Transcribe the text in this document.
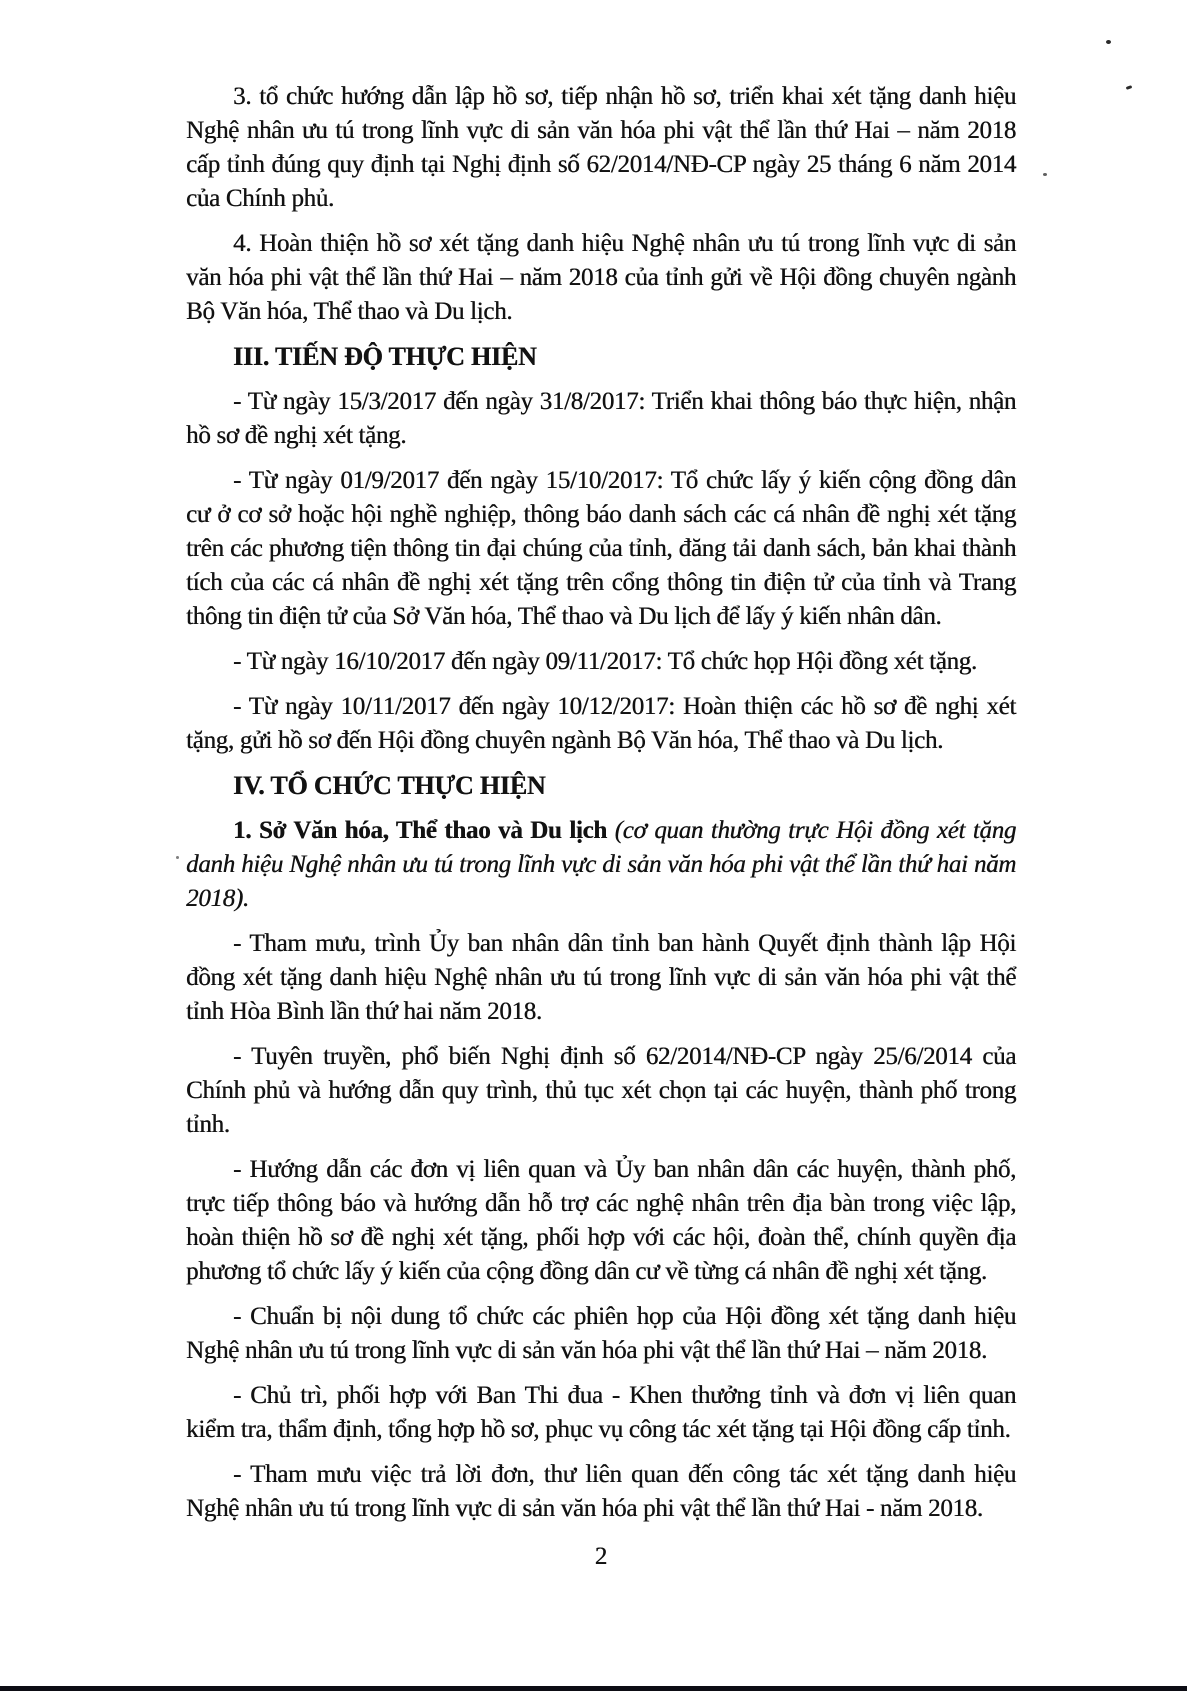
3. tổ chức hướng dẫn lập hồ sơ, tiếp nhận hồ sơ, triển khai xét tặng danh hiệu Nghệ nhân ưu tú trong lĩnh vực di sản văn hóa phi vật thể lần thứ Hai – năm 2018 cấp tỉnh đúng quy định tại Nghị định số 62/2014/NĐ-CP ngày 25 tháng 6 năm 2014 của Chính phủ.

4. Hoàn thiện hồ sơ xét tặng danh hiệu Nghệ nhân ưu tú trong lĩnh vực di sản văn hóa phi vật thể lần thứ Hai – năm 2018 của tỉnh gửi về Hội đồng chuyên ngành Bộ Văn hóa, Thể thao và Du lịch.

III. TIẾN ĐỘ THỰC HIỆN

- Từ ngày 15/3/2017 đến ngày 31/8/2017: Triển khai thông báo thực hiện, nhận hồ sơ đề nghị xét tặng.

- Từ ngày 01/9/2017 đến ngày 15/10/2017: Tổ chức lấy ý kiến cộng đồng dân cư ở cơ sở hoặc hội nghề nghiệp, thông báo danh sách các cá nhân đề nghị xét tặng trên các phương tiện thông tin đại chúng của tỉnh, đăng tải danh sách, bản khai thành tích của các cá nhân đề nghị xét tặng trên cổng thông tin điện tử của tỉnh và Trang thông tin điện tử của Sở Văn hóa, Thể thao và Du lịch để lấy ý kiến nhân dân.

- Từ ngày 16/10/2017 đến ngày 09/11/2017: Tổ chức họp Hội đồng xét tặng.

- Từ ngày 10/11/2017 đến ngày 10/12/2017: Hoàn thiện các hồ sơ đề nghị xét tặng, gửi hồ sơ đến Hội đồng chuyên ngành Bộ Văn hóa, Thể thao và Du lịch.

IV. TỔ CHỨC THỰC HIỆN

1. Sở Văn hóa, Thể thao và Du lịch (cơ quan thường trực Hội đồng xét tặng danh hiệu Nghệ nhân ưu tú trong lĩnh vực di sản văn hóa phi vật thể lần thứ hai năm 2018).

- Tham mưu, trình Ủy ban nhân dân tỉnh ban hành Quyết định thành lập Hội đồng xét tặng danh hiệu Nghệ nhân ưu tú trong lĩnh vực di sản văn hóa phi vật thể tỉnh Hòa Bình lần thứ hai năm 2018.

- Tuyên truyền, phổ biến Nghị định số 62/2014/NĐ-CP ngày 25/6/2014 của Chính phủ và hướng dẫn quy trình, thủ tục xét chọn tại các huyện, thành phố trong tỉnh.

- Hướng dẫn các đơn vị liên quan và Ủy ban nhân dân các huyện, thành phố, trực tiếp thông báo và hướng dẫn hỗ trợ các nghệ nhân trên địa bàn trong việc lập, hoàn thiện hồ sơ đề nghị xét tặng, phối hợp với các hội, đoàn thể, chính quyền địa phương tổ chức lấy ý kiến của cộng đồng dân cư về từng cá nhân đề nghị xét tặng.

- Chuẩn bị nội dung tổ chức các phiên họp của Hội đồng xét tặng danh hiệu Nghệ nhân ưu tú trong lĩnh vực di sản văn hóa phi vật thể lần thứ Hai – năm 2018.

- Chủ trì, phối hợp với Ban Thi đua - Khen thưởng tỉnh và đơn vị liên quan kiểm tra, thẩm định, tổng hợp hồ sơ, phục vụ công tác xét tặng tại Hội đồng cấp tỉnh.

- Tham mưu việc trả lời đơn, thư liên quan đến công tác xét tặng danh hiệu Nghệ nhân ưu tú trong lĩnh vực di sản văn hóa phi vật thể lần thứ Hai - năm 2018.

2
